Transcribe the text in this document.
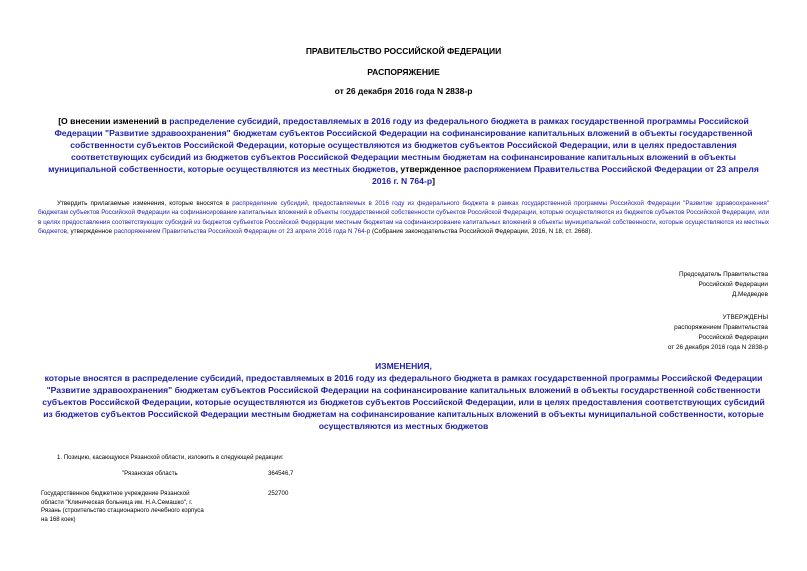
ПРАВИТЕЛЬСТВО РОССИЙСКОЙ ФЕДЕРАЦИИ
РАСПОРЯЖЕНИЕ
от 26 декабря 2016 года N 2838-р
[О внесении изменений в распределение субсидий, предоставляемых в 2016 году из федерального бюджета в рамках государственной программы Российской Федерации "Развитие здравоохранения" бюджетам субъектов Российской Федерации на софинансирование капитальных вложений в объекты государственной собственности субъектов Российской Федерации, которые осуществляются из бюджетов субъектов Российской Федерации, или в целях предоставления соответствующих субсидий из бюджетов субъектов Российской Федерации местным бюджетам на софинансирование капитальных вложений в объекты муниципальной собственности, которые осуществляются из местных бюджетов, утвержденное распоряжением Правительства Российской Федерации от 23 апреля 2016 г. N 764-р]
Утвердить прилагаемые изменения, которые вносятся в распределение субсидий, предоставляемых в 2016 году из федерального бюджета в рамках государственной программы Российской Федерации "Развитие здравоохранения" бюджетам субъектов Российской Федерации на софинансирование капитальных вложений в объекты государственной собственности субъектов Российской Федерации, которые осуществляются из бюджетов субъектов Российской Федерации, или в целях предоставления соответствующих субсидий из бюджетов субъектов Российской Федерации местным бюджетам на софинансирование капитальных вложений в объекты муниципальной собственности, которые осуществляются из местных бюджетов, утвержденное распоряжением Правительства Российской Федерации от 23 апреля 2016 года N 764-р (Собрание законодательства Российской Федерации, 2016, N 18, ст. 2668).
Председатель Правительства
Российской Федерации
Д.Медведев
УТВЕРЖДЕНЫ
распоряжением Правительства
Российской Федерации
от 26 декабря 2016 года N 2838-р
ИЗМЕНЕНИЯ,
которые вносятся в распределение субсидий, предоставляемых в 2016 году из федерального бюджета в рамках государственной программы Российской Федерации "Развитие здравоохранения" бюджетам субъектов Российской Федерации на софинансирование капитальных вложений в объекты государственной собственности субъектов Российской Федерации, которые осуществляются из бюджетов субъектов Российской Федерации, или в целях предоставления соответствующих субсидий из бюджетов субъектов Российской Федерации местным бюджетам на софинансирование капитальных вложений в объекты муниципальной собственности, которые осуществляются из местных бюджетов
1. Позицию, касающуюся Рязанской области, изложить в следующей редакции:
"Рязанская область	364546,7
Государственное бюджетное учреждение Рязанской области "Клиническая больница им. Н.А.Семашко", г. Рязань (строительство стационарного лечебного корпуса на 168 коек)
252700
